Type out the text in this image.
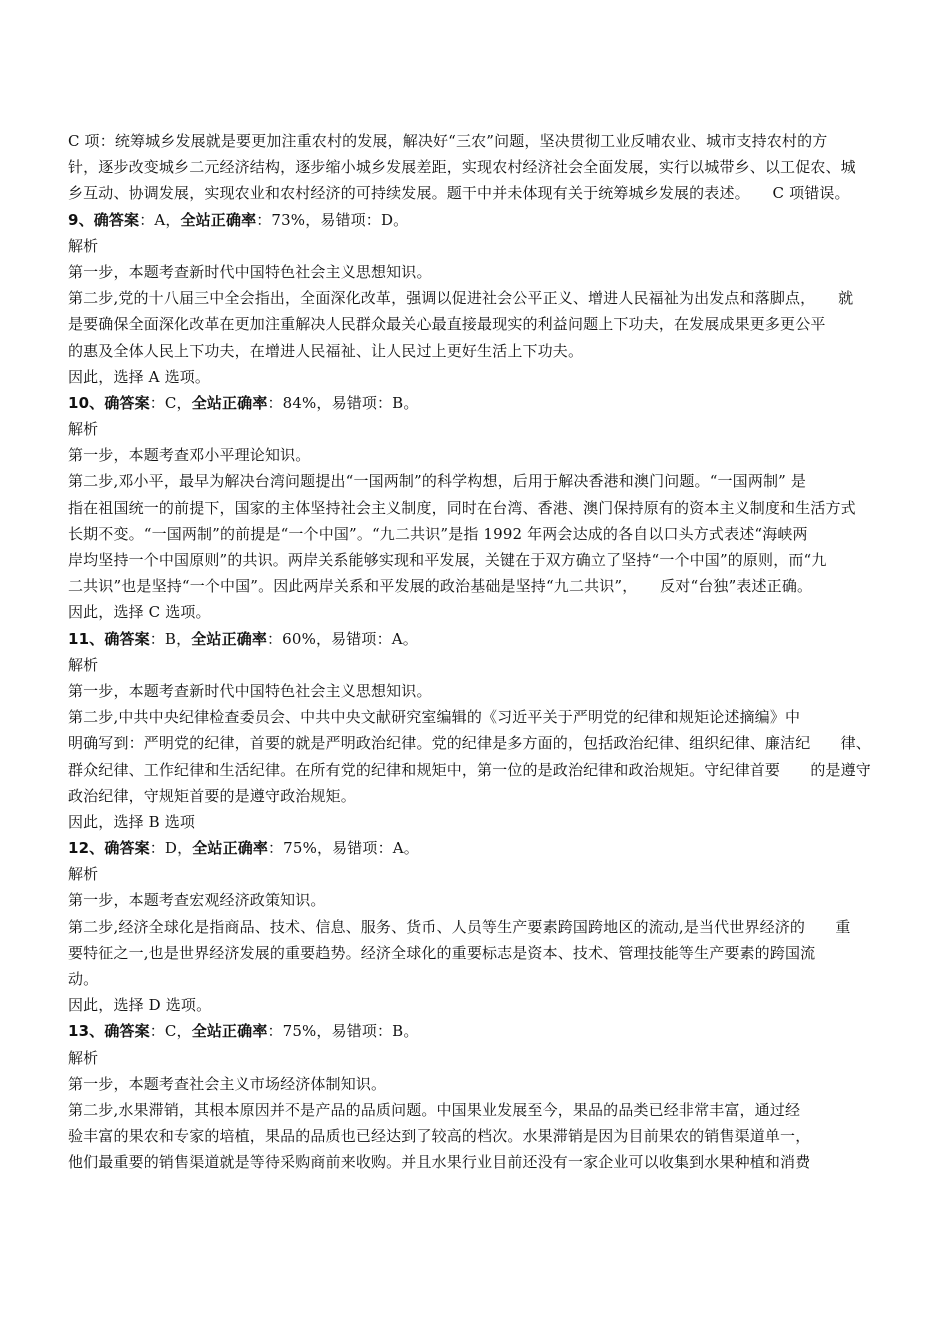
C 项：统筹城乡发展就是要更加注重农村的发展，解决好“三农”问题，坚决贯彻工业反哺农业、城市支持农村的方
针，逐步改变城乡二元经济结构，逐步缩小城乡发展差距，实现农村经济社会全面发展，实行以城带乡、以工促农、城
乡互动、协调发展，实现农业和农村经济的可持续发展。题干中并未体现有关于统筹城乡发展的表述。　　C 项错误。
9、确答案：A，全站正确率：73%，易错项：D。
解析
第一步，本题考查新时代中国特色社会主义思想知识。
第二步,党的十八届三中全会指出，全面深化改革，强调以促进社会公平正义、增进人民福祉为出发点和落脚点，　　就
是要确保全面深化改革在更加注重解决人民群众最关心最直接最现实的利益问题上下功夫，在发展成果更多更公平
的惠及全体人民上下功夫，在增进人民福祉、让人民过上更好生活上下功夫。
因此，选择 A 选项。
10、确答案：C，全站正确率：84%，易错项：B。
解析
第一步，本题考查邓小平理论知识。
第二步,邓小平，最早为解决台湾问题提出“一国两制”的科学构想，后用于解决香港和澳门问题。“一国两制” 是
指在祖国统一的前提下，国家的主体坚持社会主义制度，同时在台湾、香港、澳门保持原有的资本主义制度和生活方式
长期不变。“一国两制”的前提是“一个中国”。“九二共识”是指 1992 年两会达成的各自以口头方式表述“海峡两
岸均坚持一个中国原则”的共识。两岸关系能够实现和平发展，关键在于双方确立了坚持“一个中国”的原则，而“九
二共识”也是坚持“一个中国”。因此两岸关系和平发展的政治基础是坚持“九二共识”，　　反对“台独”表述正确。
因此，选择 C 选项。
11、确答案：B，全站正确率：60%，易错项：A。
解析
第一步，本题考查新时代中国特色社会主义思想知识。
第二步,中共中央纪律检查委员会、中共中央文献研究室编辑的《习近平关于严明党的纪律和规矩论述摘编》中
明确写到：严明党的纪律，首要的就是严明政治纪律。党的纪律是多方面的，包括政治纪律、组织纪律、廉洁纪　　律、
群众纪律、工作纪律和生活纪律。在所有党的纪律和规矩中，第一位的是政治纪律和政治规矩。守纪律首要　　的是遵守
政治纪律，守规矩首要的是遵守政治规矩。
因此，选择 B 选项
12、确答案：D，全站正确率：75%，易错项：A。
解析
第一步，本题考查宏观经济政策知识。
第二步,经济全球化是指商品、技术、信息、服务、货币、人员等生产要素跨国跨地区的流动,是当代世界经济的　　重
要特征之一,也是世界经济发展的重要趋势。经济全球化的重要标志是资本、技术、管理技能等生产要素的跨国流
动。
因此，选择 D 选项。
13、确答案：C，全站正确率：75%，易错项：B。
解析
第一步，本题考查社会主义市场经济体制知识。
第二步,水果滞销，其根本原因并不是产品的品质问题。中国果业发展至今，果品的品类已经非常丰富，通过经
验丰富的果农和专家的培植，果品的品质也已经达到了较高的档次。水果滞销是因为目前果农的销售渠道单一，
他们最重要的销售渠道就是等待采购商前来收购。并且水果行业目前还没有一家企业可以收集到水果种植和消费
